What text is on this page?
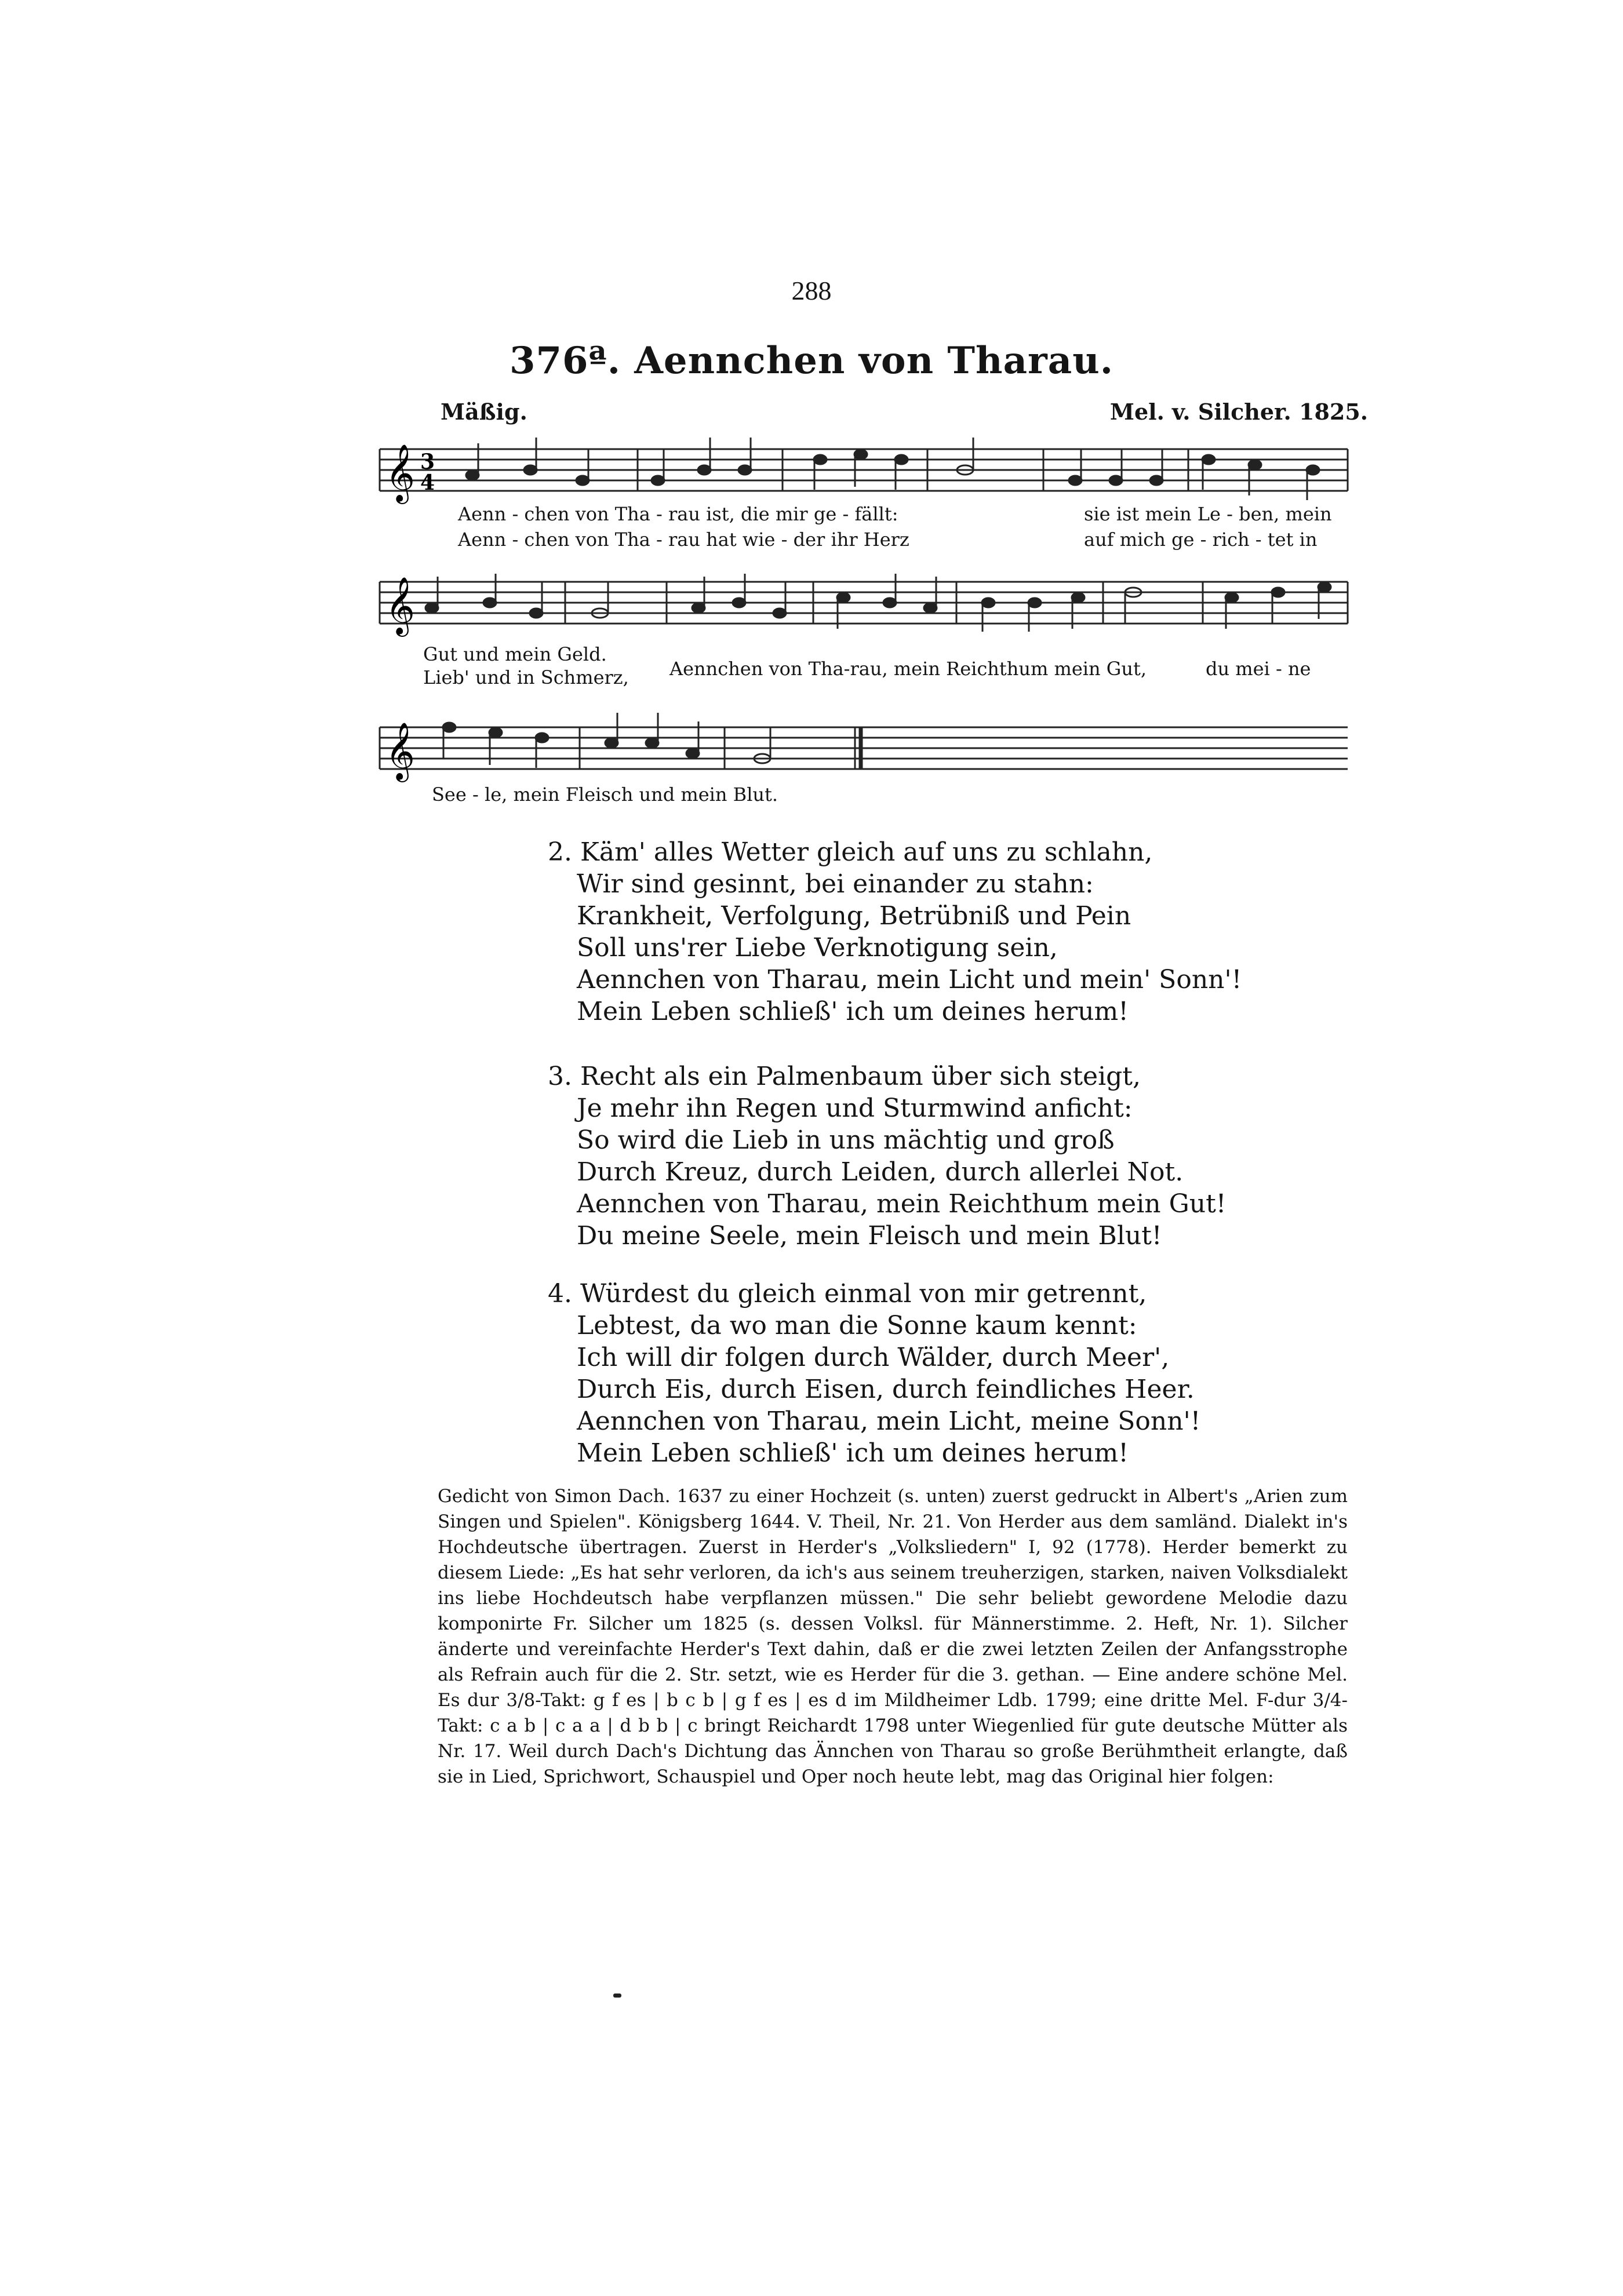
288
376ª. Aennchen von Tharau.
Mäßig.	Mel. v. Silcher. 1825.
𝄞 3
4
Aenn - chen von Tha - rau ist, die mir ge - fällt:	sie ist mein Le - ben, mein
Aenn - chen von Tha - rau hat wie - der ihr Herz	auf mich ge - rich - tet in
𝄞
Gut und mein Geld.
Lieb' und in Schmerz, Aennchen von Tha-rau, mein Reichthum mein Gut,	du mei - ne
𝄞
See - le, mein Fleisch und mein Blut.

2. Käm' alles Wetter gleich auf uns zu schlahn,

Wir sind gesinnt, bei einander zu stahn:

Krankheit, Verfolgung, Betrübniß und Pein

Soll uns'rer Liebe Verknotigung sein,

Aennchen von Tharau, mein Licht und mein' Sonn'!

Mein Leben schließ' ich um deines herum!

3. Recht als ein Palmenbaum über sich steigt,

Je mehr ihn Regen und Sturmwind anficht:

So wird die Lieb in uns mächtig und groß

Durch Kreuz, durch Leiden, durch allerlei Not.

Aennchen von Tharau, mein Reichthum mein Gut!

Du meine Seele, mein Fleisch und mein Blut!

4. Würdest du gleich einmal von mir getrennt,

Lebtest, da wo man die Sonne kaum kennt:

Ich will dir folgen durch Wälder, durch Meer',

Durch Eis, durch Eisen, durch feindliches Heer.

Aennchen von Tharau, mein Licht, meine Sonn'!

Mein Leben schließ' ich um deines herum!

Gedicht von Simon Dach. 1637 zu einer Hochzeit (s. unten) zuerst gedruckt in Albert's „Arien zum Singen und Spielen". Königsberg 1644. V. Theil, Nr. 21. Von Herder aus dem samländ. Dialekt in's Hochdeutsche übertragen. Zuerst in Herder's „Volksliedern" I, 92 (1778). Herder bemerkt zu diesem Liede: „Es hat sehr verloren, da ich's aus seinem treuherzigen, starken, naiven Volksdialekt ins liebe Hochdeutsch habe verpflanzen müssen." Die sehr beliebt gewordene Melodie dazu komponirte Fr. Silcher um 1825 (s. dessen Volksl. für Männerstimme. 2. Heft, Nr. 1). Silcher änderte und vereinfachte Herder's Text dahin, daß er die zwei letzten Zeilen der Anfangsstrophe als Refrain auch für die 2. Str. setzt, wie es Herder für die 3. gethan. — Eine andere schöne Mel. Es dur 3/8-Takt: g f es | b c b | g f es | es d im Mildheimer Ldb. 1799; eine dritte Mel. F-dur 3/4-Takt: c a b | c a a | d b b | c bringt Reichardt 1798 unter Wiegenlied für gute deutsche Mütter als Nr. 17. Weil durch Dach's Dichtung das Ännchen von Tharau so große Berühmtheit erlangte, daß sie in Lied, Sprichwort, Schauspiel und Oper noch heute lebt, mag das Original hier folgen:
